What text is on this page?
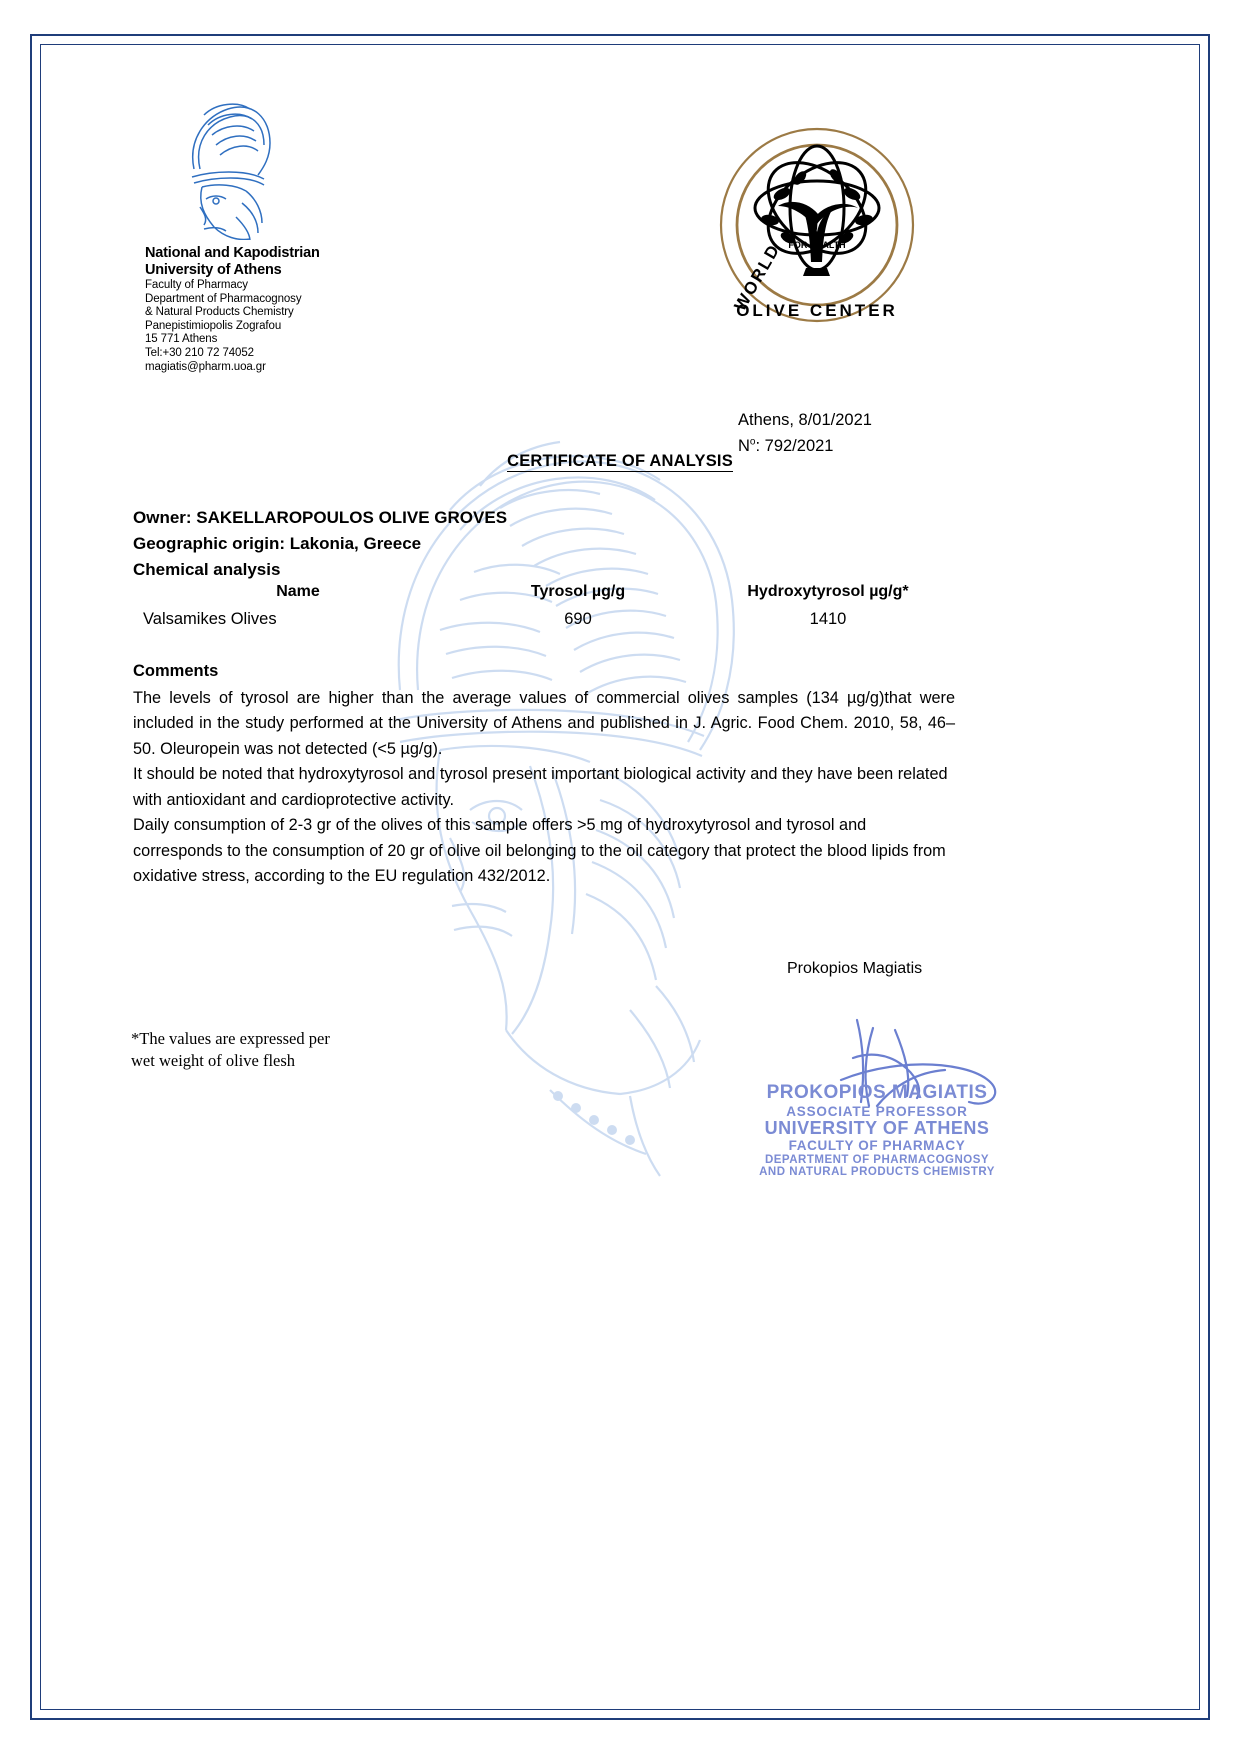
National and Kapodistrian
University of Athens
Faculty of Pharmacy
Department of Pharmacognosy
& Natural Products Chemistry
Panepistimiopolis Zografou
15 771 Athens
Tel:+30 210 72 74052
magiatis@pharm.uoa.gr
FOR HEALTH

OLIVE CENTER
WORLD
Athens, 8/01/2021
$N^o$: 792/2021
CERTIFICATE OF ANALYSIS
Owner: SAKELLAROPOULOS OLIVE GROVES
Geographic origin: Lakonia, Greece
Chemical analysis
Name	Tyrosol µg/g	Hydroxytyrosol µg/g*
Valsamikes Olives	690	1410
Comments

The levels of tyrosol are higher than the average values of commercial olives samples (134 µg/g)that were included in the study performed at the University of Athens and published in J. Agric. Food Chem. 2010, 58, 46–50. Oleuropein was not detected (<5 µg/g).

It should be noted that hydroxytyrosol and tyrosol present important biological activity and they have been related with antioxidant and cardioprotective activity.

Daily consumption of 2-3 gr of the olives of this sample offers >5 mg of hydroxytyrosol and tyrosol and corresponds to the consumption of 20 gr of olive oil belonging to the oil category that protect the blood lipids from oxidative stress, according to the EU regulation 432/2012.

Prokopios Magiatis
*The values are expressed per
wet weight of olive flesh
PROKOPIOS MAGIATIS
ASSOCIATE PROFESSOR
UNIVERSITY OF ATHENS
FACULTY OF PHARMACY
DEPARTMENT OF PHARMACOGNOSY
AND NATURAL PRODUCTS CHEMISTRY
